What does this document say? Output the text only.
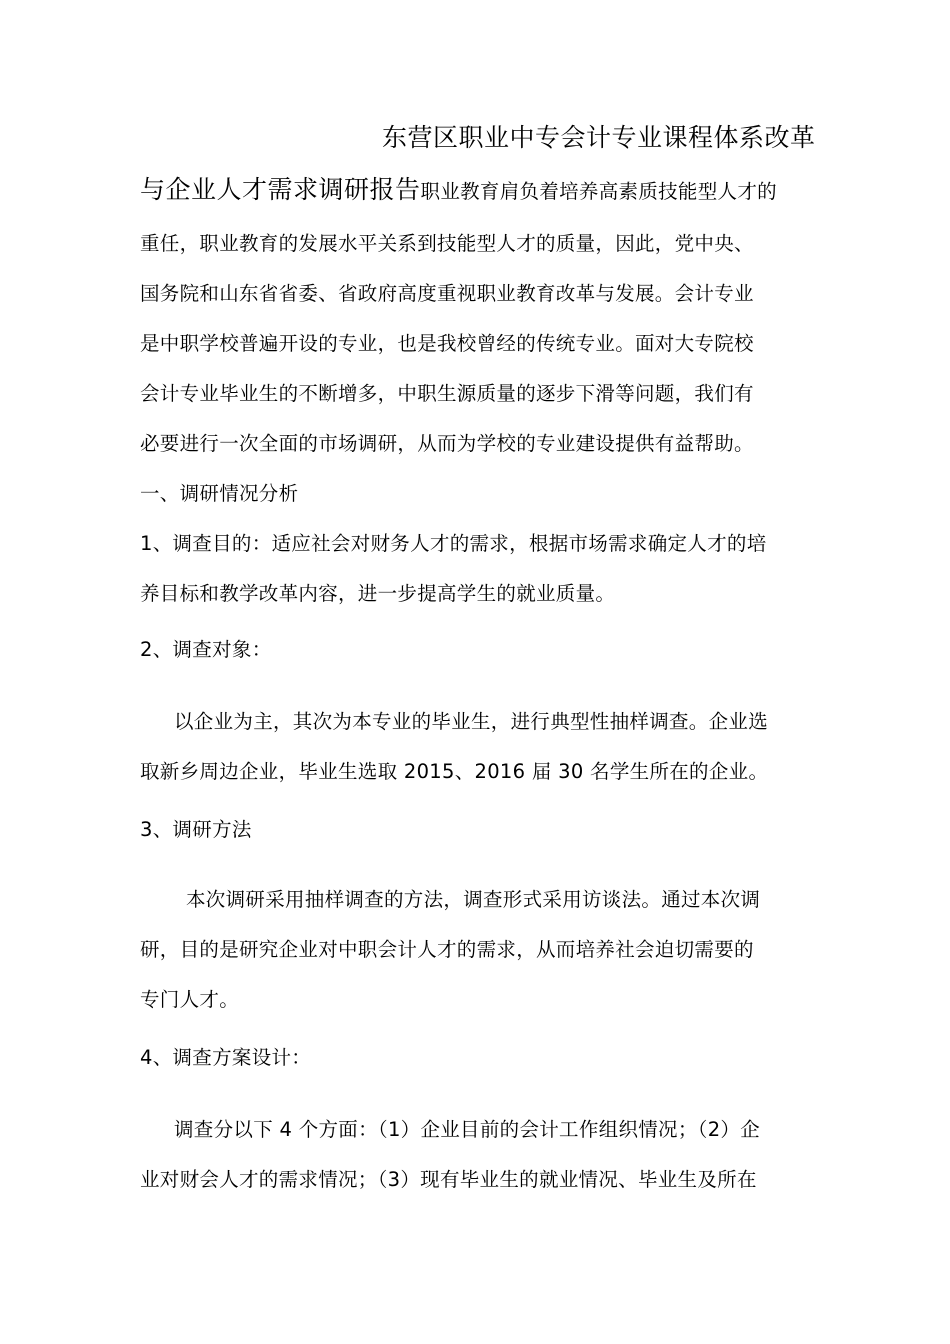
东营区职业中专会计专业课程体系改革
与企业人才需求调研报告职业教育肩负着培养高素质技能型人才的
重任，职业教育的发展水平关系到技能型人才的质量，因此，党中央、
国务院和山东省省委、省政府高度重视职业教育改革与发展。会计专业
是中职学校普遍开设的专业，也是我校曾经的传统专业。面对大专院校
会计专业毕业生的不断增多，中职生源质量的逐步下滑等问题，我们有
必要进行一次全面的市场调研，从而为学校的专业建设提供有益帮助。
一、调研情况分析
1、调查目的：适应社会对财务人才的需求，根据市场需求确定人才的培
养目标和教学改革内容，进一步提高学生的就业质量。
2、调查对象：
以企业为主，其次为本专业的毕业生，进行典型性抽样调查。企业选
取新乡周边企业，毕业生选取 2015、2016 届 30 名学生所在的企业。
3、调研方法
本次调研采用抽样调查的方法，调查形式采用访谈法。通过本次调
研，目的是研究企业对中职会计人才的需求，从而培养社会迫切需要的
专门人才。
4、调查方案设计：
调查分以下 4 个方面：（1）企业目前的会计工作组织情况；（2）企
业对财会人才的需求情况；（3）现有毕业生的就业情况、毕业生及所在
